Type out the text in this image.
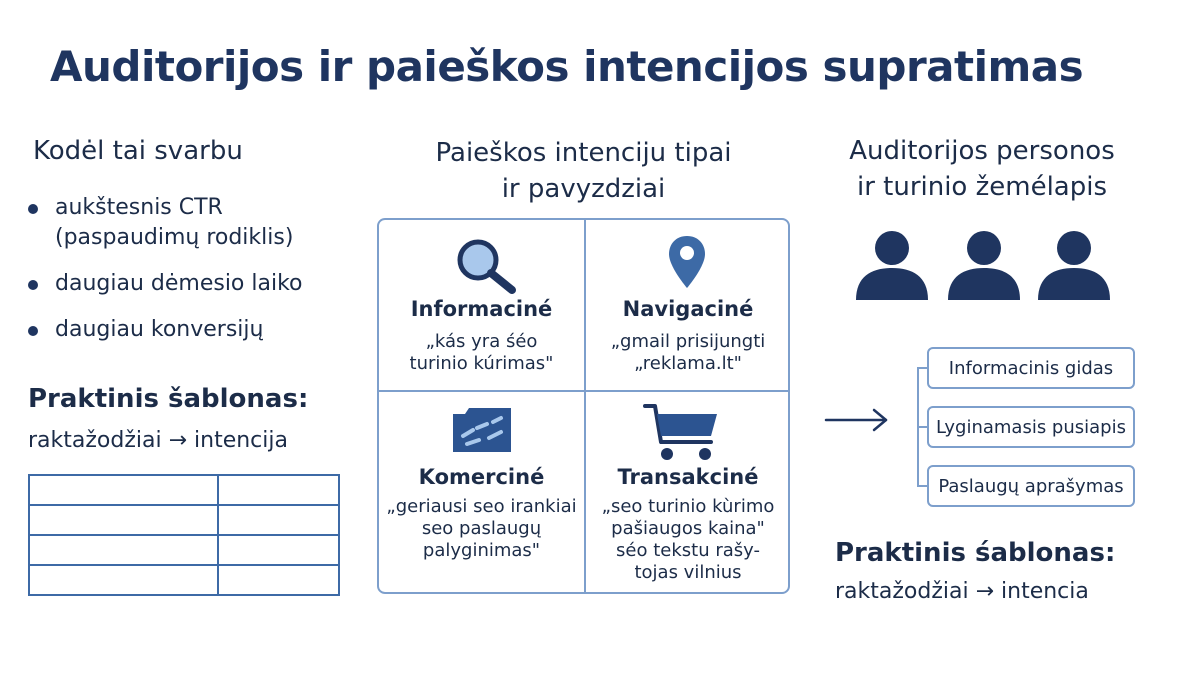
Auditorijos ir paieškos intencijos supratimas
Kodėl tai svarbu
aukštesnis CTR
(paspaudimų rodiklis)
daugiau dėmesio laiko
daugiau konversijų
Praktinis šablonas:
raktažodžiai → intencija
Paieškos intenciju tipai
ir pavyzdziai
Informaciné
„kás yra śéo
turinio kúrimas"
Navigaciné
„gmail prisijungti
„reklama.lt"
Komerciné
„geriausi seo irankiai
seo paslaugų
palyginimas"
Transakciné
„seo turinio kùrimo
pašiaugos kaina"
séo tekstu rašy-
tojas vilnius
Auditorijos personos
ir turinio žemélapis
Informacinis gidas
Lyginamasis pusiapis
Paslaugų aprašymas
Praktinis śablonas:
raktažodžiai → intencia
